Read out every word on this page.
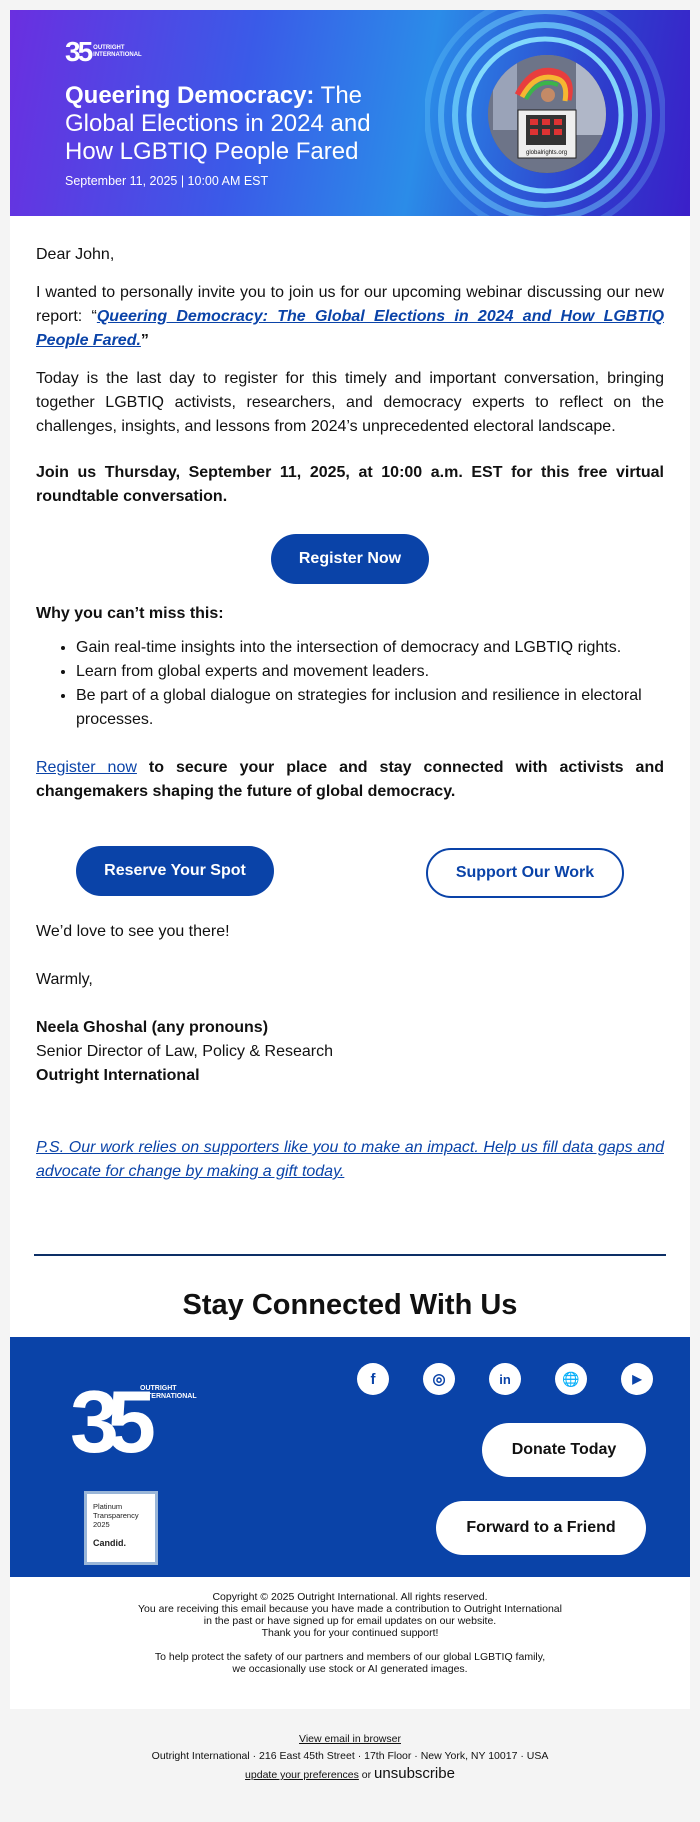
globalrights.org
35 OUTRIGHT
INTERNATIONAL
Queering Democracy: The Global Elections in 2024 and How LGBTIQ People Fared
September 11, 2025 | 10:00 AM EST
Dear John,
I wanted to personally invite you to join us for our upcoming webinar discussing our new report: “Queering Democracy: The Global Elections in 2024 and How LGBTIQ People Fared.”
Today is the last day to register for this timely and important conversation, bringing together LGBTIQ activists, researchers, and democracy experts to reflect on the challenges, insights, and lessons from 2024’s unprecedented electoral landscape.
Join us Thursday, September 11, 2025, at 10:00 a.m. EST for this free virtual roundtable conversation.
Register Now
Why you can’t miss this:
• Gain real-time insights into the intersection of democracy and LGBTIQ rights.
• Learn from global experts and movement leaders.
• Be part of a global dialogue on strategies for inclusion and resilience in electoral processes.
Register now to secure your place and stay connected with activists and changemakers shaping the future of global democracy.
Reserve Your Spot	Support Our Work
We’d love to see you there!
Warmly,
Neela Ghoshal (any pronouns)
Senior Director of Law, Policy & Research
Outright International
P.S. Our work relies on supporters like you to make an impact. Help us fill data gaps and advocate for change by making a gift today.
Stay Connected With Us
35
OUTRIGHT
INTERNATIONAL
Platinum
Transparency
2025
Candid.
f	◎	in	🌐	▶
Donate Today
Forward to a Friend
Copyright © 2025 Outright International. All rights reserved.
You are receiving this email because you have made a contribution to Outright International
in the past or have signed up for email updates on our website.
Thank you for your continued support!
To help protect the safety of our partners and members of our global LGBTIQ family,
we occasionally use stock or AI generated images.
View email in browser
Outright International · 216 East 45th Street · 17th Floor · New York, NY 10017 · USA
update your preferences or unsubscribe
